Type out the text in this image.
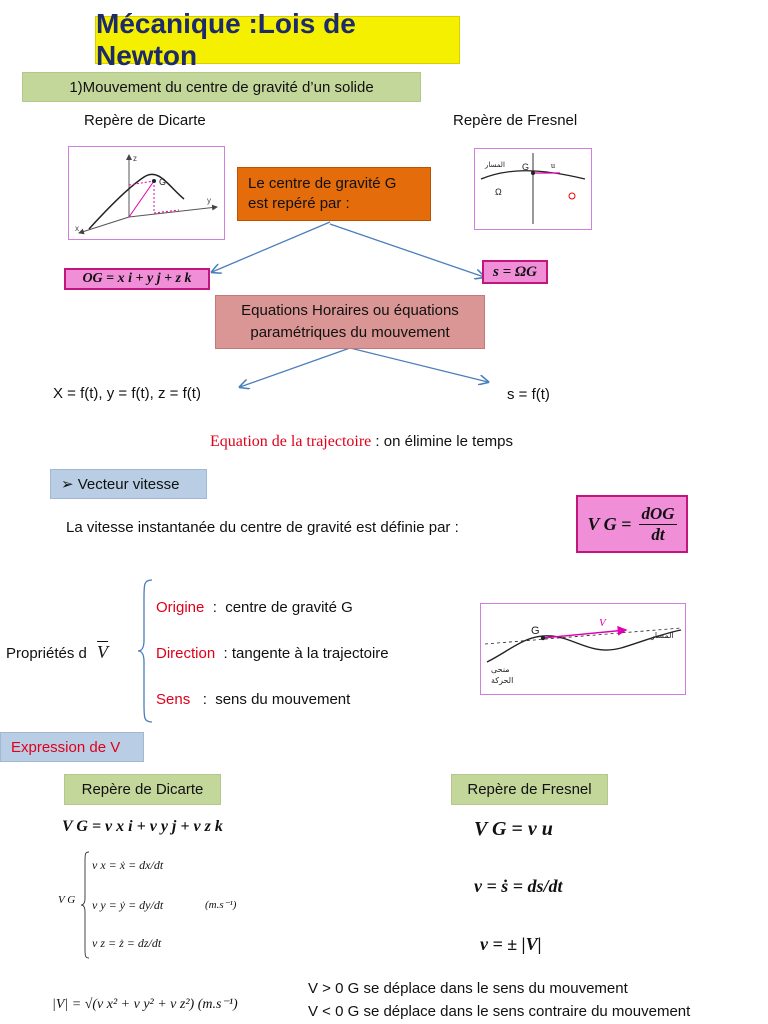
Mécanique :Lois de Newton
1)Mouvement du centre de gravité d’un solide
Repère de Dicarte	Repère de Fresnel
G
z
y
x
G	u
Ω
المسار
Le centre de gravité G est repéré par :
OG = x i + y j + z k	s = ΩG
Equations Horaires ou équations paramétriques du mouvement
X = f(t), y = f(t), z = f(t)	s = f(t)
Equation de la trajectoire : on élimine le temps
➢ Vecteur vitesse
La vitesse instantanée du centre de gravité est définie par :	V G =
dOG
dt
Propriétés d $\overline{V}$
Origine  :  centre de gravité G
Direction  : tangente à la trajectoire
Sens   :  sens du mouvement
G
V
المسار
منحى
الحركة
Expression de V
Repère de Dicarte	Repère de Fresnel
V G = v x i + v y j + v z k
V G
v x = ẋ = dx/dt
v y = ẏ = dy/dt
v z = ż = dz/dt
(m.s⁻¹)
|V| = √(v x² + v y² + v z²) (m.s⁻¹)
V G = v u
v = ṡ = ds/dt
v = ± |V|
V > 0 G se déplace dans le sens du mouvement
V < 0 G se déplace dans le sens contraire du mouvement
